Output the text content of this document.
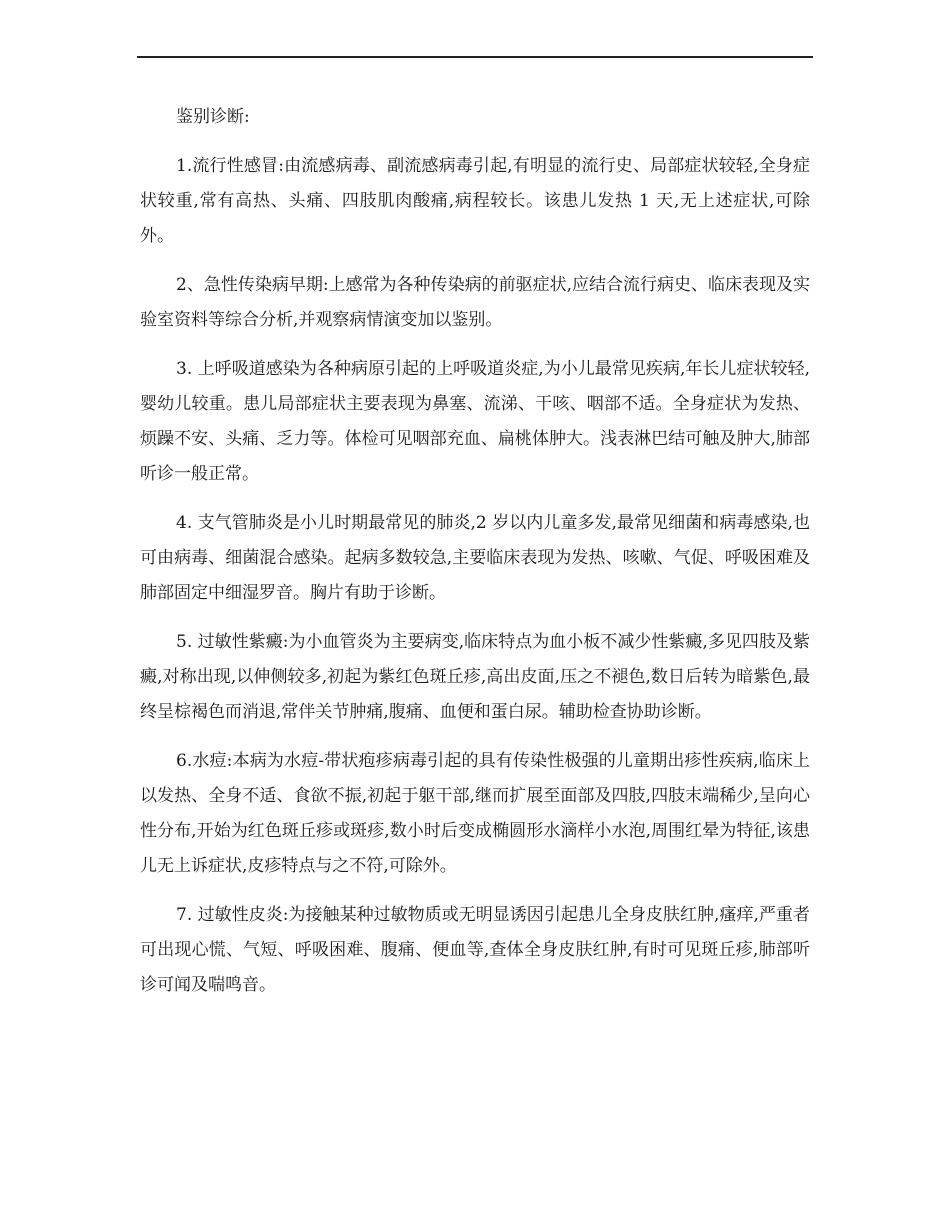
鉴别诊断:

1.流行性感冒:由流感病毒、副流感病毒引起,有明显的流行史、局部症状较轻,全身症状较重,常有高热、头痛、四肢肌肉酸痛,病程较长。该患儿发热 1 天,无上述症状,可除外。

2、急性传染病早期:上感常为各种传染病的前驱症状,应结合流行病史、临床表现及实验室资料等综合分析,并观察病情演变加以鉴别。

3. 上呼吸道感染为各种病原引起的上呼吸道炎症,为小儿最常见疾病,年长儿症状较轻,婴幼儿较重。患儿局部症状主要表现为鼻塞、流涕、干咳、咽部不适。全身症状为发热、烦躁不安、头痛、乏力等。体检可见咽部充血、扁桃体肿大。浅表淋巴结可触及肿大,肺部听诊一般正常。

4. 支气管肺炎是小儿时期最常见的肺炎,2 岁以内儿童多发,最常见细菌和病毒感染,也可由病毒、细菌混合感染。起病多数较急,主要临床表现为发热、咳嗽、气促、呼吸困难及肺部固定中细湿罗音。胸片有助于诊断。

5. 过敏性紫癜:为小血管炎为主要病变,临床特点为血小板不减少性紫癜,多见四肢及紫癜,对称出现,以伸侧较多,初起为紫红色斑丘疹,高出皮面,压之不褪色,数日后转为暗紫色,最终呈棕褐色而消退,常伴关节肿痛,腹痛、血便和蛋白尿。辅助检查协助诊断。

6.水痘:本病为水痘-带状疱疹病毒引起的具有传染性极强的儿童期出疹性疾病,临床上以发热、全身不适、食欲不振,初起于躯干部,继而扩展至面部及四肢,四肢末端稀少,呈向心性分布,开始为红色斑丘疹或斑疹,数小时后变成椭圆形水滴样小水泡,周围红晕为特征,该患儿无上诉症状,皮疹特点与之不符,可除外。

7. 过敏性皮炎:为接触某种过敏物质或无明显诱因引起患儿全身皮肤红肿,瘙痒,严重者可出现心慌、气短、呼吸困难、腹痛、便血等,查体全身皮肤红肿,有时可见斑丘疹,肺部听诊可闻及喘鸣音。
